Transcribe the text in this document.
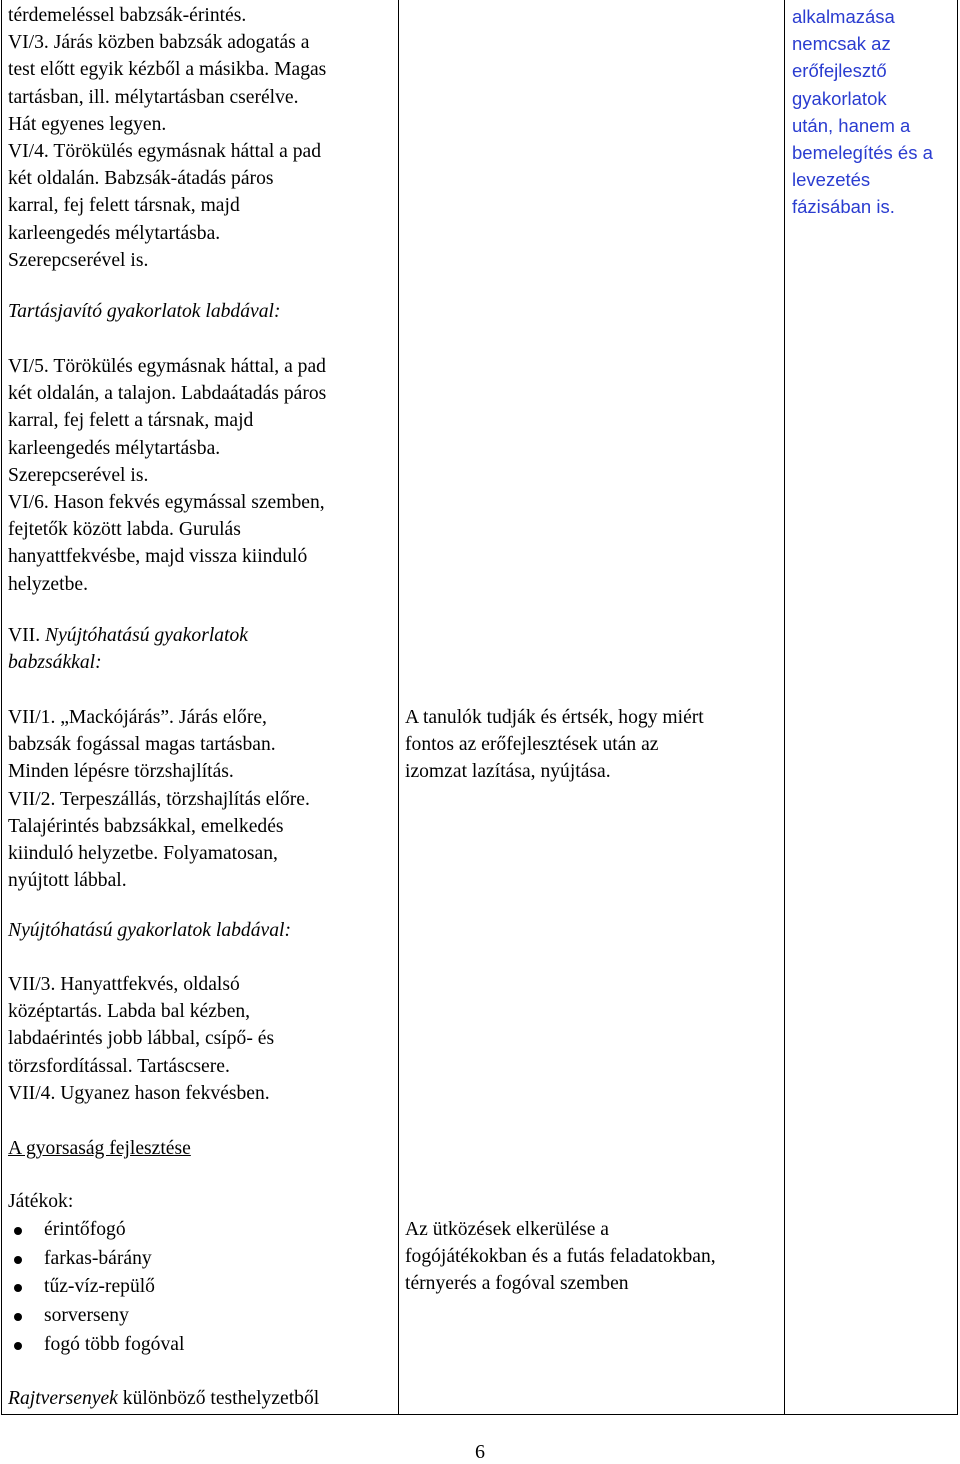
térdemeléssel babzsák-érintés.

VI/3. Járás közben babzsák adogatás a

test előtt egyik kézből a másikba. Magas

tartásban, ill. mélytartásban cserélve.

Hát egyenes legyen.

VI/4. Törökülés egymásnak háttal a pad

két oldalán. Babzsák-átadás páros

karral, fej felett társnak, majd

karleengedés mélytartásba.

Szerepcserével is.

Tartásjavító gyakorlatok labdával:

VI/5. Törökülés egymásnak háttal, a pad

két oldalán, a talajon. Labdaátadás páros

karral, fej felett a társnak, majd

karleengedés mélytartásba.

Szerepcserével is.

VI/6. Hason fekvés egymással szemben,

fejtetők között labda. Gurulás

hanyattfekvésbe, majd vissza kiinduló

helyzetbe.

VII. Nyújtóhatású gyakorlatok

babzsákkal:

VII/1. „Mackójárás”. Járás előre,

babzsák fogással magas tartásban.

Minden lépésre törzshajlítás.

VII/2. Terpeszállás, törzshajlítás előre.

Talajérintés babzsákkal, emelkedés

kiinduló helyzetbe. Folyamatosan,

nyújtott lábbal.

Nyújtóhatású gyakorlatok labdával:

VII/3. Hanyattfekvés, oldalsó

középtartás. Labda bal kézben,

labdaérintés jobb lábbal, csípő- és

törzsfordítással. Tartáscsere.

VII/4. Ugyanez hason fekvésben.

A gyorsaság fejlesztése

Játékok:

érintőfogó
farkas-bárány
tűz-víz-repülő
sorverseny
fogó több fogóval

Rajtversenyek különböző testhelyzetből

A tanulók tudják és értsék, hogy miért

fontos az erőfejlesztések után az

izomzat lazítása, nyújtása.

Az ütközések elkerülése a

fogójátékokban és a futás feladatokban,

térnyerés a fogóval szemben

alkalmazása

nemcsak az

erőfejlesztő

gyakorlatok

után, hanem a

bemelegítés és a

levezetés

fázisában is.

6
